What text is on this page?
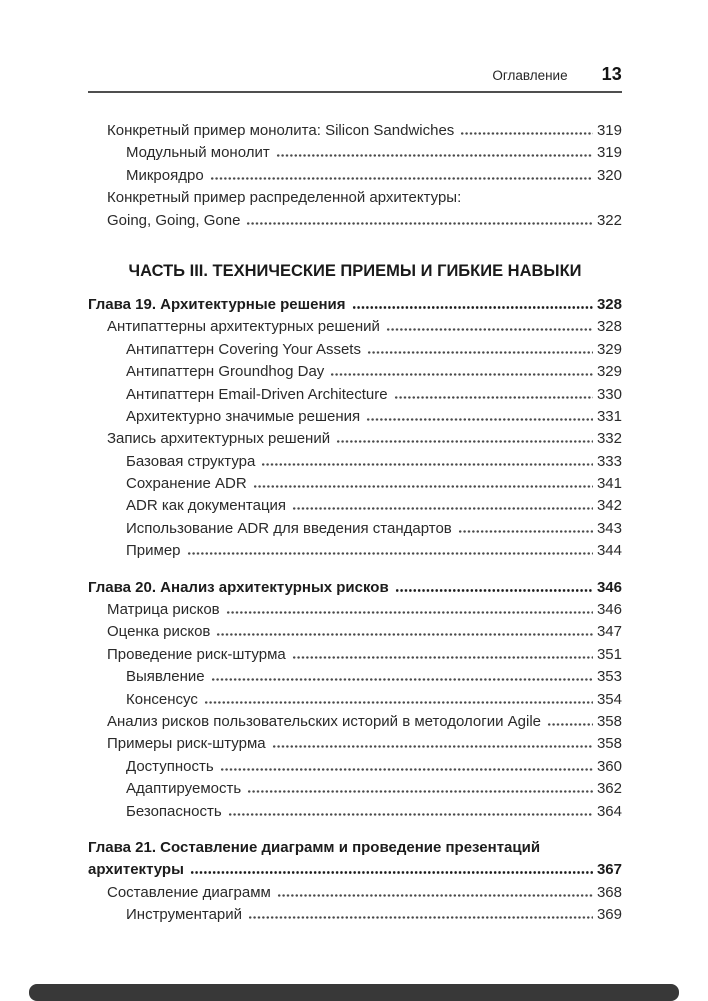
Оглавление 13
Конкретный пример монолита: Silicon Sandwiches	319
Модульный монолит	319
Микроядро	320
Конкретный пример распределенной архитектуры:
Going, Going, Gone	322
ЧАСТЬ III. ТЕХНИЧЕСКИЕ ПРИЕМЫ И ГИБКИЕ НАВЫКИ
Глава 19. Архитектурные решения	328
Антипаттерны архитектурных решений	328
Антипаттерн Covering Your Assets	329
Антипаттерн Groundhog Day	329
Антипаттерн Email-Driven Architecture	330
Архитектурно значимые решения	331
Запись архитектурных решений	332
Базовая структура	333
Сохранение ADR	341
ADR как документация	342
Использование ADR для введения стандартов	343
Пример	344
Глава 20. Анализ архитектурных рисков	346
Матрица рисков	346
Оценка рисков	347
Проведение риск-штурма	351
Выявление	353
Консенсус	354
Анализ рисков пользовательских историй в методологии Agile	358
Примеры риск-штурма	358
Доступность	360
Адаптируемость	362
Безопасность	364
Глава 21. Составление диаграмм и проведение презентаций
архитектуры	367
Составление диаграмм	368
Инструментарий	369
